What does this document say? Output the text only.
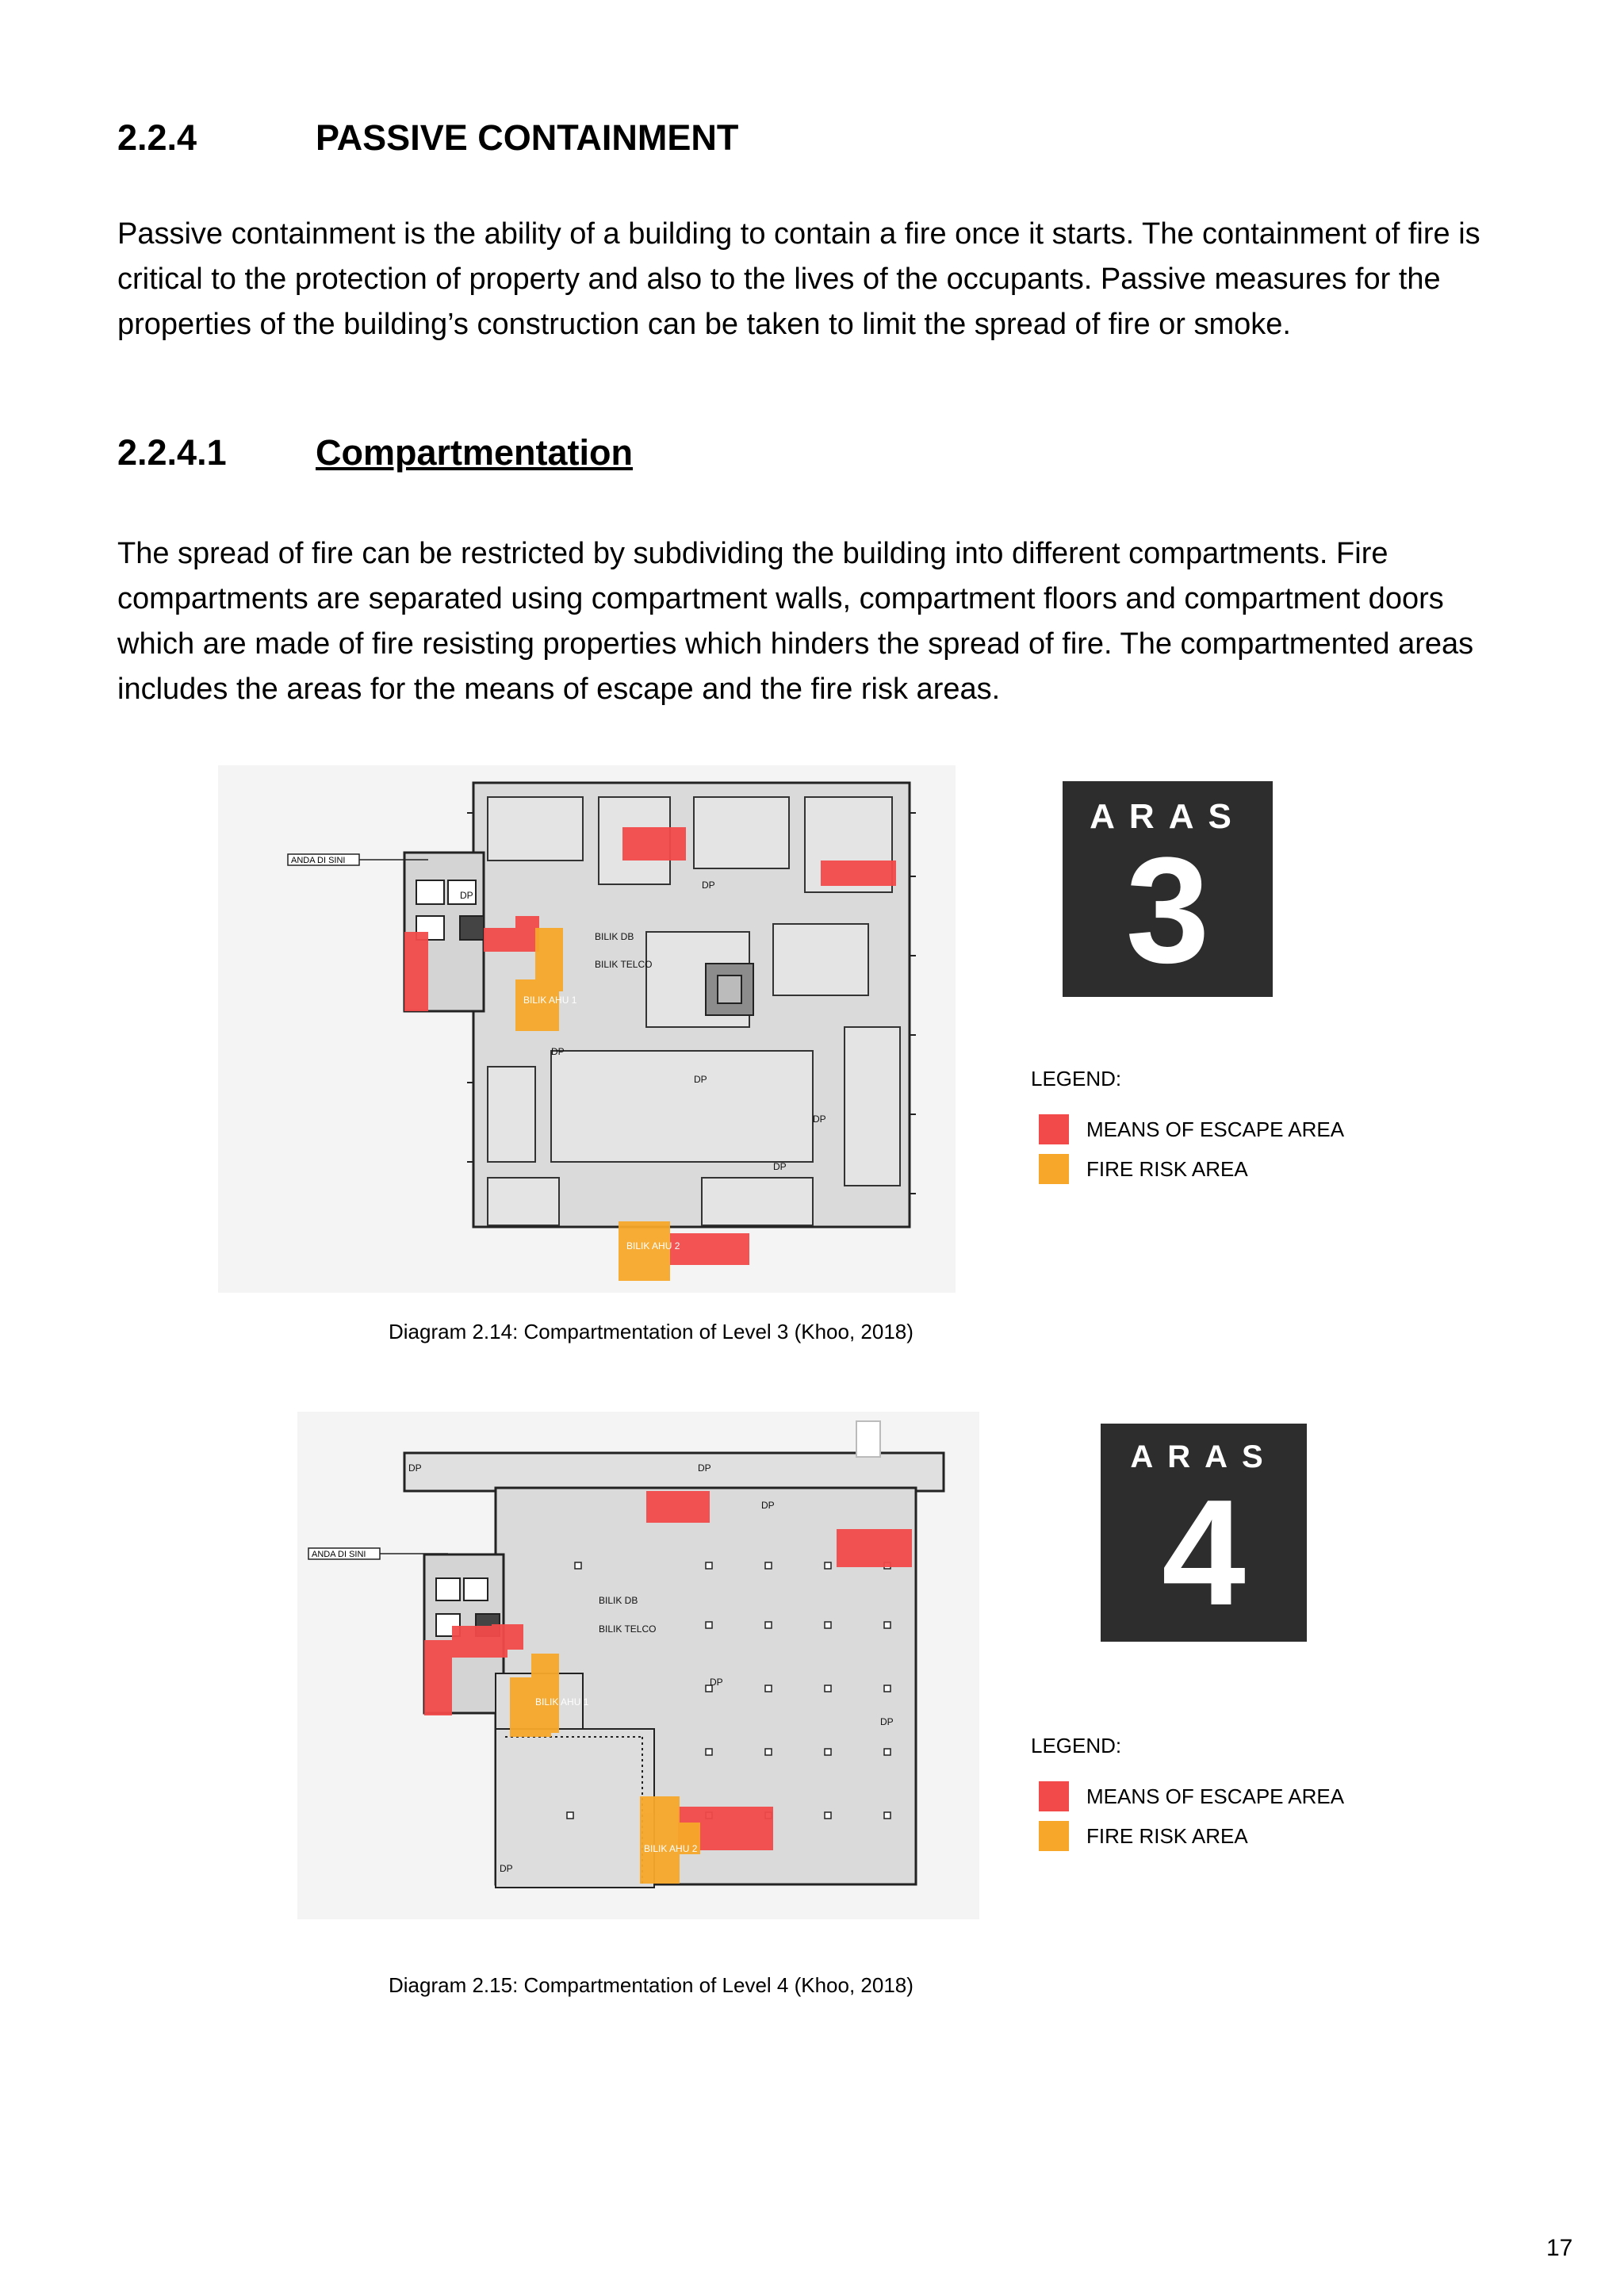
2.2.4	PASSIVE CONTAINMENT

Passive containment is the ability of a building to contain a fire once it starts. The containment of fire is critical to the protection of property and also to the lives of the occupants. Passive measures for the properties of the building’s construction can be taken to limit the spread of fire or smoke.

2.2.4.1 Compartmentation

The spread of fire can be restricted by subdividing the building into different compartments. Fire compartments are separated using compartment walls, compartment floors and compartment doors which are made of fire resisting properties which hinders the spread of fire. The compartmented areas includes the areas for the means of escape and the fire risk areas.

ANDA DI SINI
BILIK DB
BILIK TELCO
BILIK AHU 1
BILIK AHU 2
DP
DP
DP
DP
DP
DP
ARAS
3
LEGEND:
MEANS OF ESCAPE AREA
FIRE RISK AREA
Diagram 2.14: Compartmentation of Level 3 (Khoo, 2018)
ANDA DI SINI
BILIK DB
BILIK TELCO
BILIK AHU 1
BILIK AHU 2
DP	DP
DP
DP
DP
DP
ARAS
4
LEGEND:
MEANS OF ESCAPE AREA
FIRE RISK AREA
Diagram 2.15: Compartmentation of Level 4 (Khoo, 2018)
17
